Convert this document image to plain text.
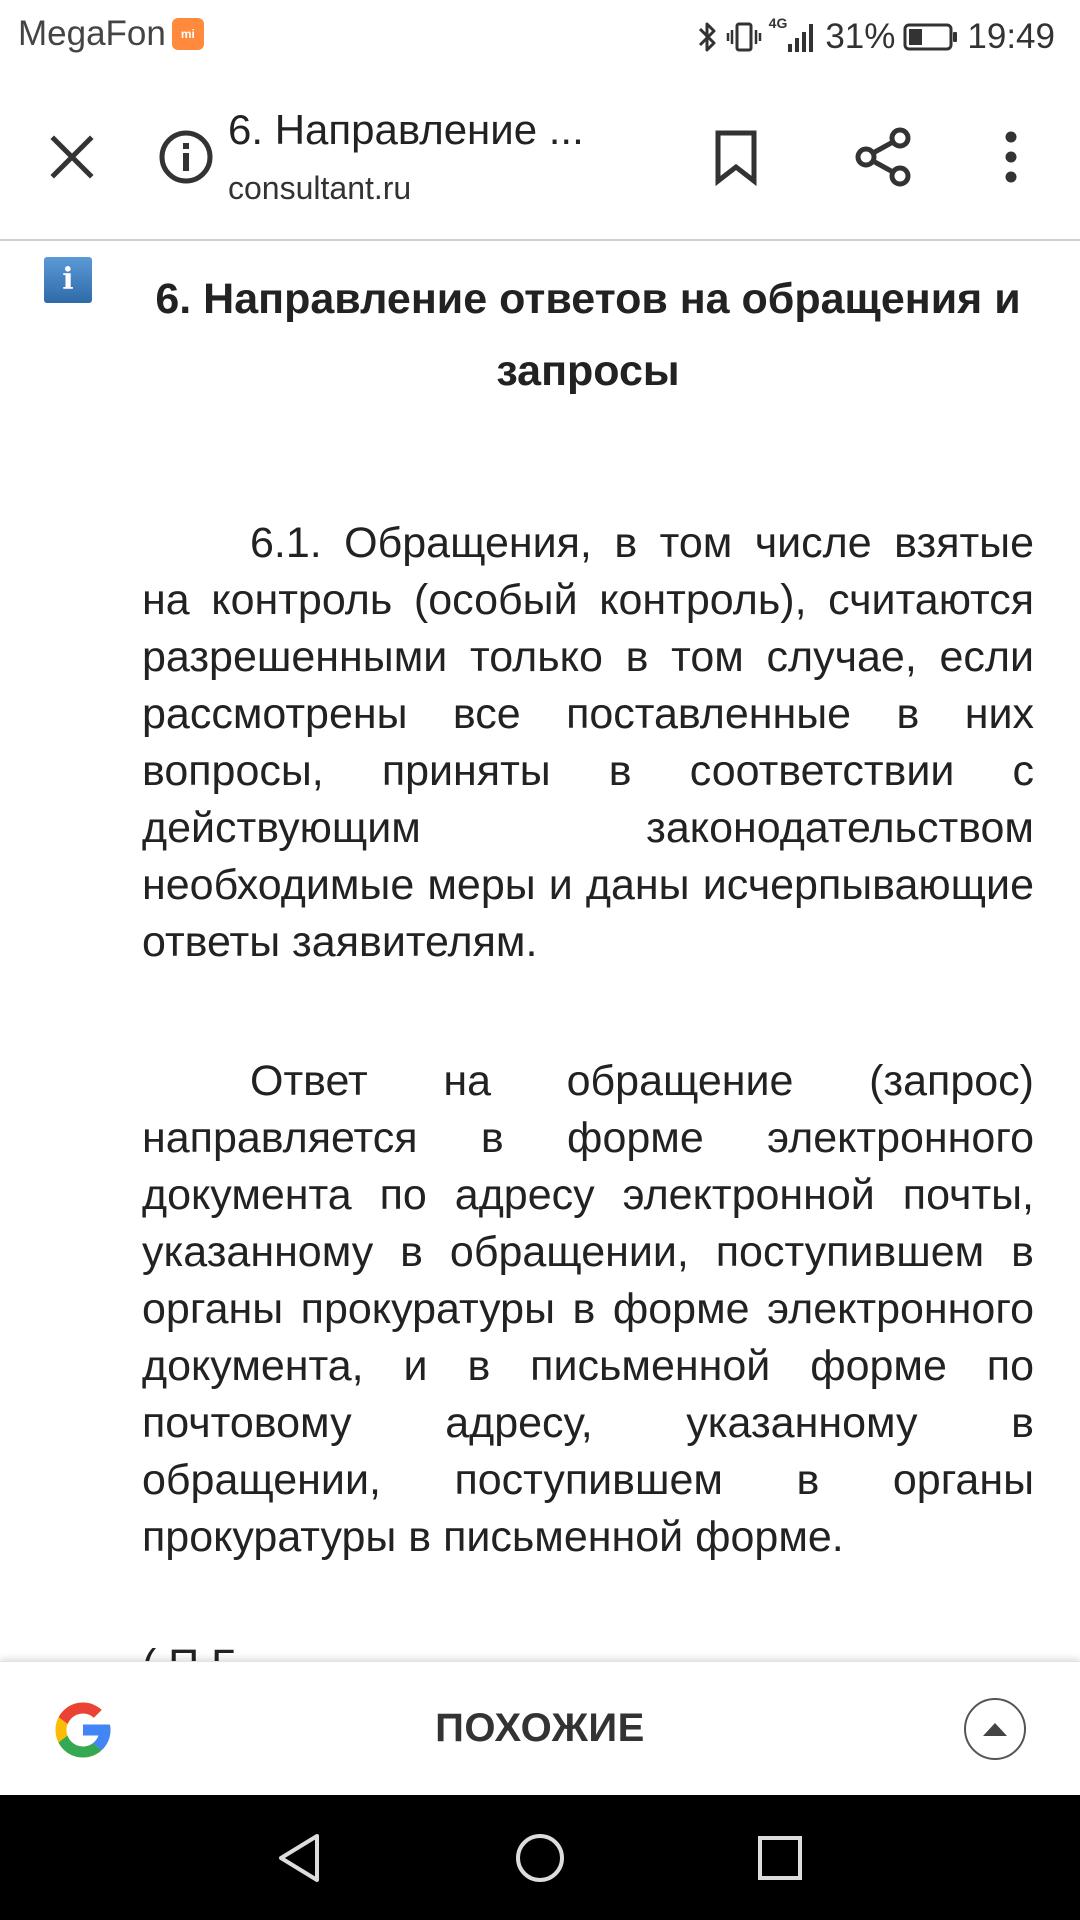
MegaFon	mi
4G 31% 19:49
6. Направление ...
consultant.ru
i	6. Направление ответов на обращения и запросы

6.1. Обращения, в том числе взятые на контроль (особый контроль), считаются разрешенными только в том случае, если рассмотрены все поставленные в них вопросы, приняты в соответствии с действующим законодательством необходимые меры и даны исчерпывающие ответы заявителям.

Ответ на обращение (запрос) направляется в форме электронного документа по адресу электронной почты, указанному в обращении, поступившем в органы прокуратуры в форме электронного документа, и в письменной форме по почтовому адресу, указанному в обращении, поступившем в органы прокуратуры в письменной форме.

ПОХОЖИЕ
